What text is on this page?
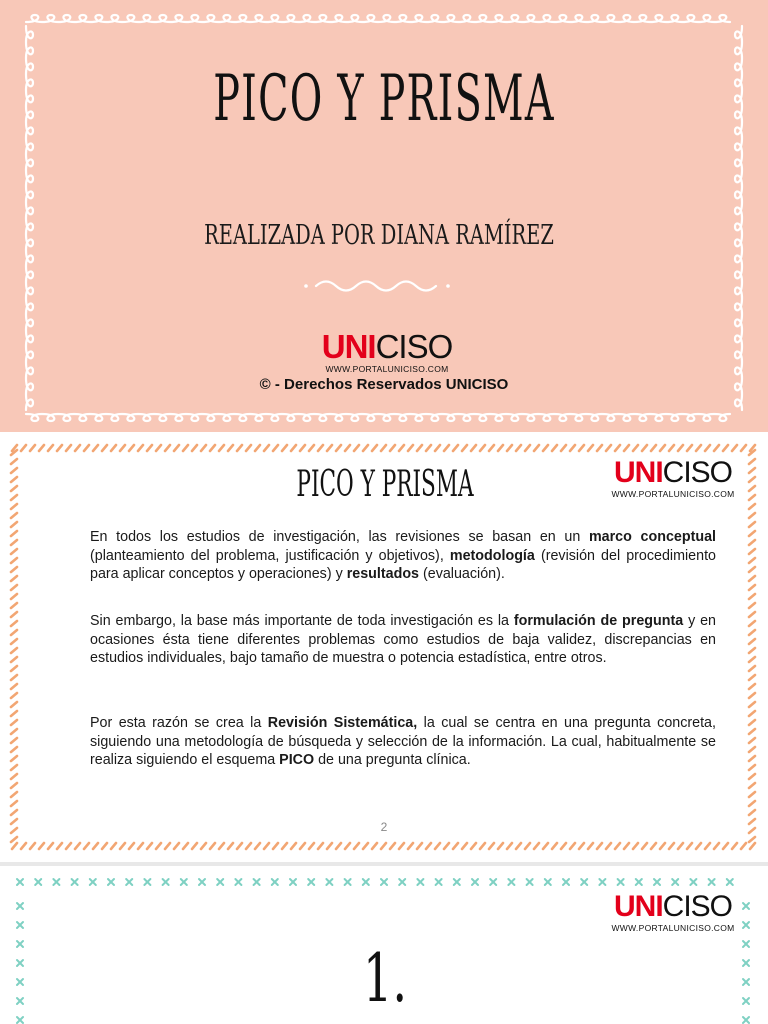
PICO Y PRISMA
REALIZADA POR DIANA RAMÍREZ
UNICISO
WWW.PORTALUNICISO.COM
© - Derechos Reservados UNICISO
PICO Y PRISMA	UNICISO
WWW.PORTALUNICISO.COM

En todos los estudios de investigación, las revisiones se basan en un marco conceptual (planteamiento del problema, justificación y objetivos), metodología (revisión del procedimiento para aplicar conceptos y operaciones) y resultados (evaluación).

Sin embargo, la base más importante de toda investigación es la formulación de pregunta y en ocasiones ésta tiene diferentes problemas como estudios de baja validez, discrepancias en estudios individuales, bajo tamaño de muestra o potencia estadística, entre otros.

Por esta razón se crea la Revisión Sistemática, la cual se centra en una pregunta concreta, siguiendo una metodología de búsqueda y selección de la información. La cual, habitualmente se realiza siguiendo el esquema PICO de una pregunta clínica.

2
UNICISO
WWW.PORTALUNICISO.COM
1.
